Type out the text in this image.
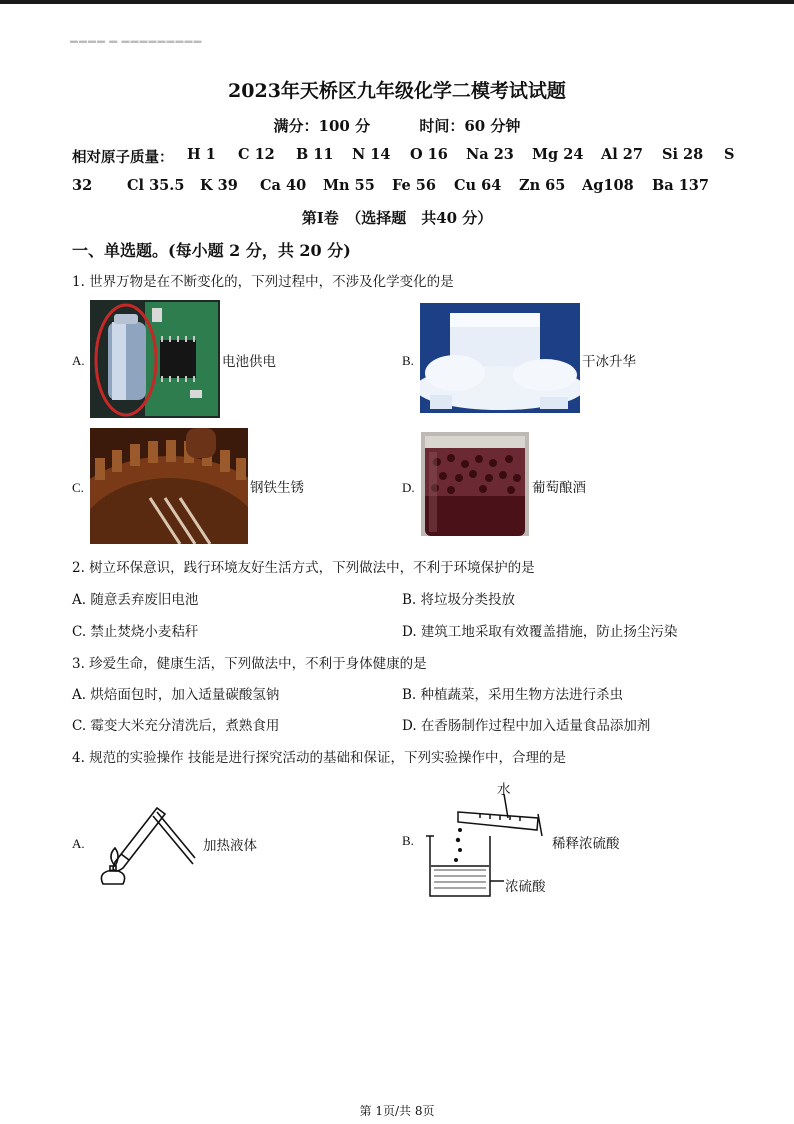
▬▬▬▬ ▬ ▬▬▬▬▬▬▬▬▬
2023年天桥区九年级化学二模考试试题
满分：100 分	时间：60 分钟
相对原子质量： H 1 C 12 B 11 N 14 O 16 Na 23 Mg 24 Al 27 Si 28 S
32 Cl 35.5 K 39 Ca 40 Mn 55 Fe 56 Cu 64 Zn 65 Ag108 Ba 137
第Ⅰ卷　（选择题　共40 分）
一、单选题。(每小题 2 分，共 20 分)
1. 世界万物是在不断变化的，下列过程中，不涉及化学变化的是
A.	电池供电	B.	干冰升华
C.	钢铁生锈	D.	葡萄酿酒
2. 树立环保意识，践行环境友好生活方式，下列做法中，不利于环境保护的是
A. 随意丢弃废旧电池	B. 将垃圾分类投放
C. 禁止焚烧小麦秸秆	D. 建筑工地采取有效覆盖措施，防止扬尘污染
3. 珍爱生命，健康生活，下列做法中，不利于身体健康的是
A. 烘焙面包时，加入适量碳酸氢钠	B. 种植蔬菜，采用生物方法进行杀虫
C. 霉变大米充分清洗后，煮熟食用	D. 在香肠制作过程中加入适量食品添加剂
4. 规范的实验操作 技能是进行探究活动的基础和保证，下列实验操作中，合理的是
A.	加热液体	B.
水
浓硫酸
稀释浓硫酸
第 1页/共 8页
